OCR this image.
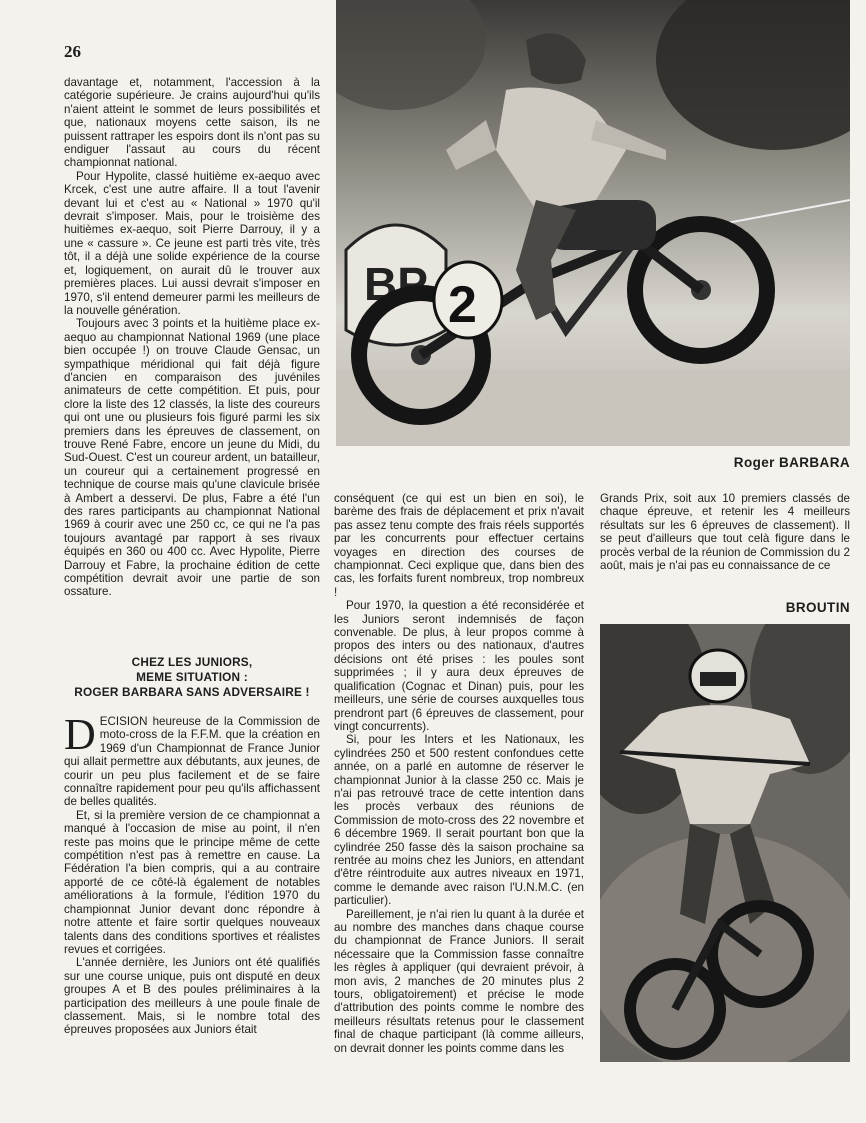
26

davantage et, notamment, l'accession à la catégorie supérieure. Je crains aujourd'hui qu'ils n'aient atteint le sommet de leurs possibilités et que, nationaux moyens cette saison, ils ne puissent rattraper les espoirs dont ils n'ont pas su endiguer l'assaut au cours du récent championnat national.

Pour Hypolite, classé huitième ex-aequo avec Krcek, c'est une autre affaire. Il a tout l'avenir devant lui et c'est au « National » 1970 qu'il devrait s'imposer. Mais, pour le troisième des huitièmes ex-aequo, soit Pierre Darrouy, il y a une « cassure ». Ce jeune est parti très vite, très tôt, il a déjà une solide expérience de la course et, logiquement, on aurait dû le trouver aux premières places. Lui aussi devrait s'imposer en 1970, s'il entend demeurer parmi les meilleurs de la nouvelle génération.

Toujours avec 3 points et la huitième place ex-aequo au championnat National 1969 (une place bien occupée !) on trouve Claude Gensac, un sympathique méridional qui fait déjà figure d'ancien en comparaison des juvéniles animateurs de cette compétition. Et puis, pour clore la liste des 12 classés, la liste des coureurs qui ont une ou plusieurs fois figuré parmi les six premiers dans les épreuves de classement, on trouve René Fabre, encore un jeune du Midi, du Sud-Ouest. C'est un coureur ardent, un batailleur, un coureur qui a certainement progressé en technique de course mais qu'une clavicule brisée à Ambert a desservi. De plus, Fabre a été l'un des rares participants au championnat National 1969 à courir avec une 250 cc, ce qui ne l'a pas toujours avantagé par rapport à ses rivaux équipés en 360 ou 400 cc. Avec Hypolite, Pierre Darrouy et Fabre, la prochaine édition de cette compétition devrait avoir une partie de son ossature.

CHEZ LES JUNIORS,
MEME SITUATION :
ROGER BARBARA SANS ADVERSAIRE !

DECISION heureuse de la Commission de moto-cross de la F.F.M. que la création en 1969 d'un Championnat de France Junior qui allait permettre aux débutants, aux jeunes, de courir un peu plus facilement et de se faire connaître rapidement pour peu qu'ils affichassent de belles qualités.

Et, si la première version de ce championnat a manqué à l'occasion de mise au point, il n'en reste pas moins que le principe même de cette compétition n'est pas à remettre en cause. La Fédération l'a bien compris, qui a au contraire apporté de ce côté-là également de notables améliorations à la formule, l'édition 1970 du championnat Junior devant donc répondre à notre attente et faire sortir quelques nouveaux talents dans des conditions sportives et réalistes revues et corrigées.

L'année dernière, les Juniors ont été qualifiés sur une course unique, puis ont disputé en deux groupes A et B des poules préliminaires à la participation des meilleurs à une poule finale de classement. Mais, si le nombre total des épreuves proposées aux Juniors était

conséquent (ce qui est un bien en soi), le barème des frais de déplacement et prix n'avait pas assez tenu compte des frais réels supportés par les concurrents pour effectuer certains voyages en direction des courses de championnat. Ceci explique que, dans bien des cas, les forfaits furent nombreux, trop nombreux !

Pour 1970, la question a été reconsidérée et les Juniors seront indemnisés de façon convenable. De plus, à leur propos comme à propos des inters ou des nationaux, d'autres décisions ont été prises : les poules sont supprimées ; il y aura deux épreuves de qualification (Cognac et Dinan) puis, pour les meilleurs, une série de courses auxquelles tous prendront part (6 épreuves de classement, pour vingt concurrents).

Si, pour les Inters et les Nationaux, les cylindrées 250 et 500 restent confondues cette année, on a parlé en automne de réserver le championnat Junior à la classe 250 cc. Mais je n'ai pas retrouvé trace de cette intention dans les procès verbaux des réunions de Commission de moto-cross des 22 novembre et 6 décembre 1969. Il serait pourtant bon que la cylindrée 250 fasse dès la saison prochaine sa rentrée au moins chez les Juniors, en attendant d'être réintroduite aux autres niveaux en 1971, comme le demande avec raison l'U.N.M.C. (en particulier).

Pareillement, je n'ai rien lu quant à la durée et au nombre des manches dans chaque course du championnat de France Juniors. Il serait nécessaire que la Commission fasse connaître les règles à appliquer (qui devraient prévoir, à mon avis, 2 manches de 20 minutes plus 2 tours, obligatoirement) et précise le mode d'attribution des points comme le nombre des meilleurs résultats retenus pour le classement final de chaque participant (là comme ailleurs, on devrait donner les points comme dans les

Grands Prix, soit aux 10 premiers classés de chaque épreuve, et retenir les 4 meilleurs résultats sur les 6 épreuves de classement). Il se peut d'ailleurs que tout celà figure dans le procès verbal de la réunion de Commission du 2 août, mais je n'ai pas eu connaissance de ce

BP 2
Roger BARBARA
BROUTIN
